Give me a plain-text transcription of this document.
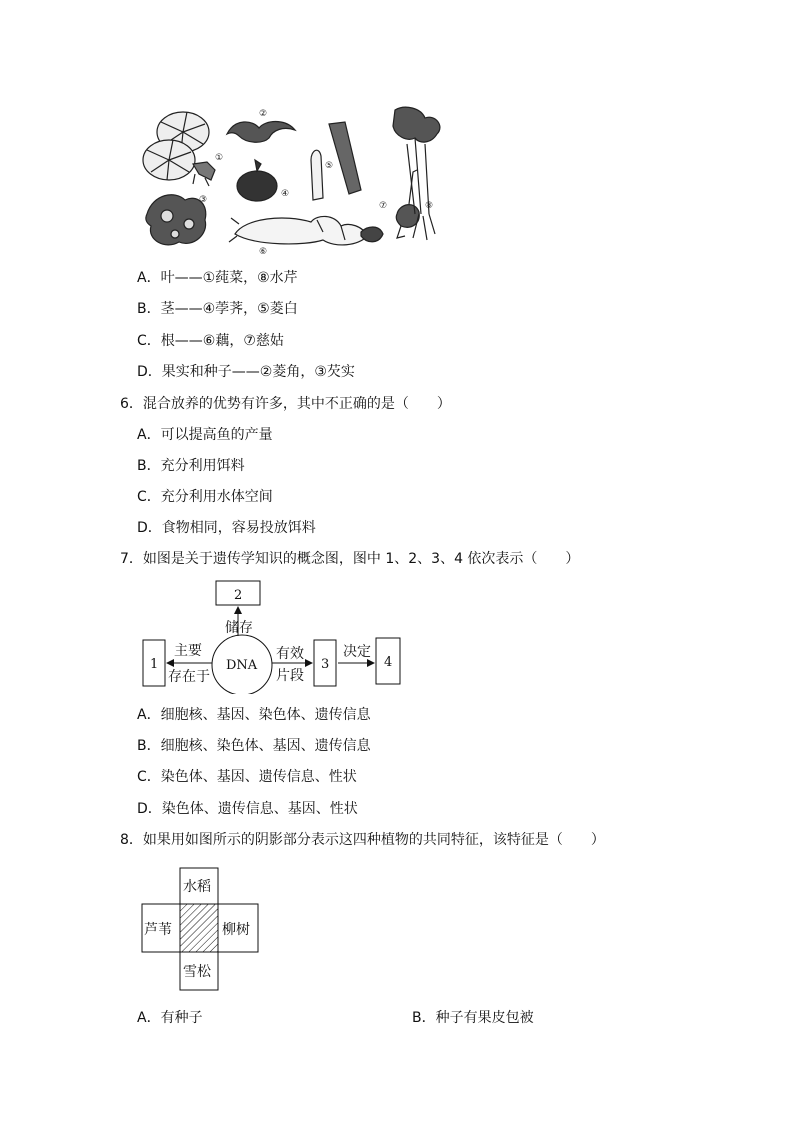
①
②
③
④
⑤
⑥
⑦	⑧
A．叶——①莼菜，⑧水芹
B．茎——④荸荠，⑤菱白
C．根——⑥藕，⑦慈姑
D．果实和种子——②菱角，③芡实
6．混合放养的优势有许多，其中不正确的是（　　）
A．可以提高鱼的产量
B．充分利用饵料
C．充分利用水体空间
D．食物相同，容易投放饵料
7．如图是关于遗传学知识的概念图，图中 1、2、3、4 依次表示（　　）
2
1	3	4
DNA
储存
主要
存在于
有效
片段
决定
A．细胞核、基因、染色体、遗传信息
B．细胞核、染色体、基因、遗传信息
C．染色体、基因、遗传信息、性状
D．染色体、遗传信息、基因、性状
8．如果用如图所示的阴影部分表示这四种植物的共同特征，该特征是（　　）
水稻
芦苇	柳树
雪松
A．有种子	B．种子有果皮包被
